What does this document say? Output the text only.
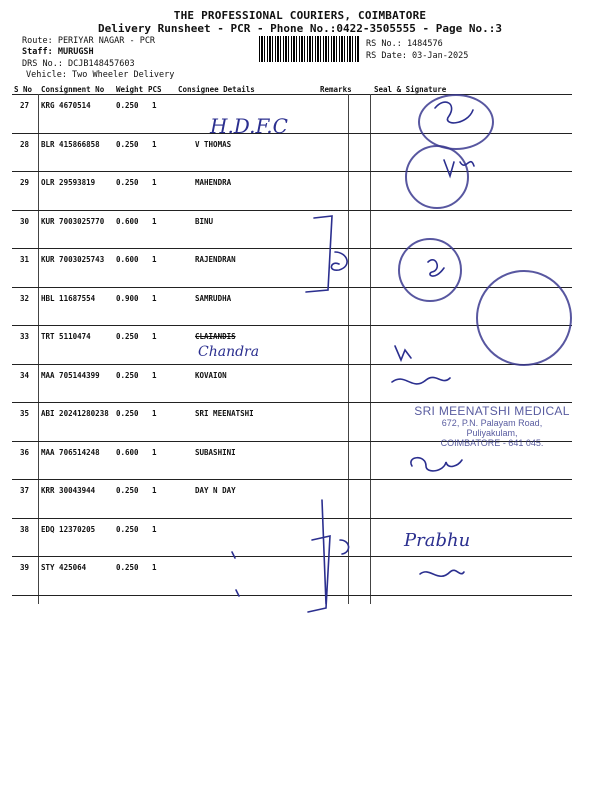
THE PROFESSIONAL COURIERS, COIMBATORE
Delivery Runsheet - PCR - Phone No.:0422-3505555 - Page No.:3
Route: PERIYAR NAGAR - PCR
Staff: MURUGSH
DRS No.: DCJB148457603
Vehicle: Two Wheeler Delivery
RS No.: 1484576
RS Date: 03-Jan-2025
S No Consignment No Weight PCS Consignee Details	Remarks	Seal & Signature
27 KRG 4670514	0.250 1
28 BLR 415866858 0.250 1	V THOMAS
29 OLR 29593819	0.250 1	MAHENDRA
30 KUR 7003025770 0.600 1	BINU
31 KUR 7003025743 0.600 1	RAJENDRAN
32 HBL 11687554	0.900 1	SAMRUDHA
33 TRT 5110474	0.250 1	CLAIANDIS
34 MAA 705144399 0.250 1	KOVAION
35 ABI 20241280238 0.250 1	SRI MEENATSHI
36 MAA 706514248 0.600 1	SUBASHINI
37 KRR 30043944	0.250 1	DAY N DAY
38 EDQ 12370205	0.250 1
39 STY 425064	0.250 1
H.D.F.C
Chandra
Prabhu
SRI MEENATSHI MEDICAL
672, P.N. Palayam Road,
Puliyakulam,
COIMBATORE - 641 045.
